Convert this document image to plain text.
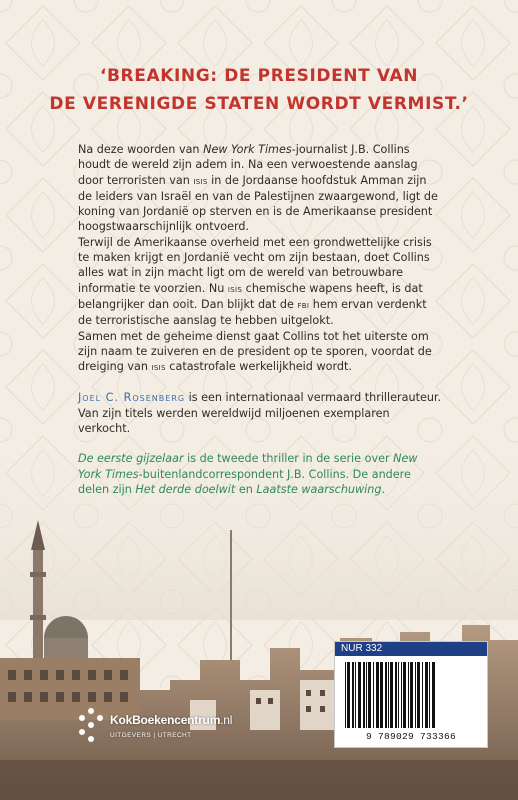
‘BREAKING: DE PRESIDENT VAN
DE VERENIGDE STATEN WORDT VERMIST.’

Na deze woorden van New York Times-journalist J.B. Collins houdt de wereld zijn adem in. Na een verwoestende aanslag door terroristen van isis in de Jordaanse hoofdstuk Amman zijn de leiders van Israël en van de Palestijnen zwaargewond, ligt de koning van Jordanië op sterven en is de Amerikaanse president hoogstwaarschijnlijk ontvoerd.

Terwijl de Amerikaanse overheid met een grondwettelijke crisis te maken krijgt en Jordanië vecht om zijn bestaan, doet Collins alles wat in zijn macht ligt om de wereld van betrouwbare informatie te voorzien. Nu isis chemische wapens heeft, is dat belangrijker dan ooit. Dan blijkt dat de fbi hem ervan verdenkt de terroristische aanslag te hebben uitgelokt.

Samen met de geheime dienst gaat Collins tot het uiterste om zijn naam te zuiveren en de president op te sporen, voordat de dreiging van isis catastrofale werkelijkheid wordt.

Joel C. Rosenberg is een internationaal vermaard thrillerauteur. Van zijn titels werden wereldwijd miljoenen exemplaren verkocht.

De eerste gijzelaar is de tweede thriller in de serie over New York Times-buitenlandcorrespondent J.B. Collins. De andere delen zijn Het derde doelwit en Laatste waarschuwing.

KokBoekencentrum.nl
UITGEVERS | UTRECHT
NUR 332
9 789029 733366
